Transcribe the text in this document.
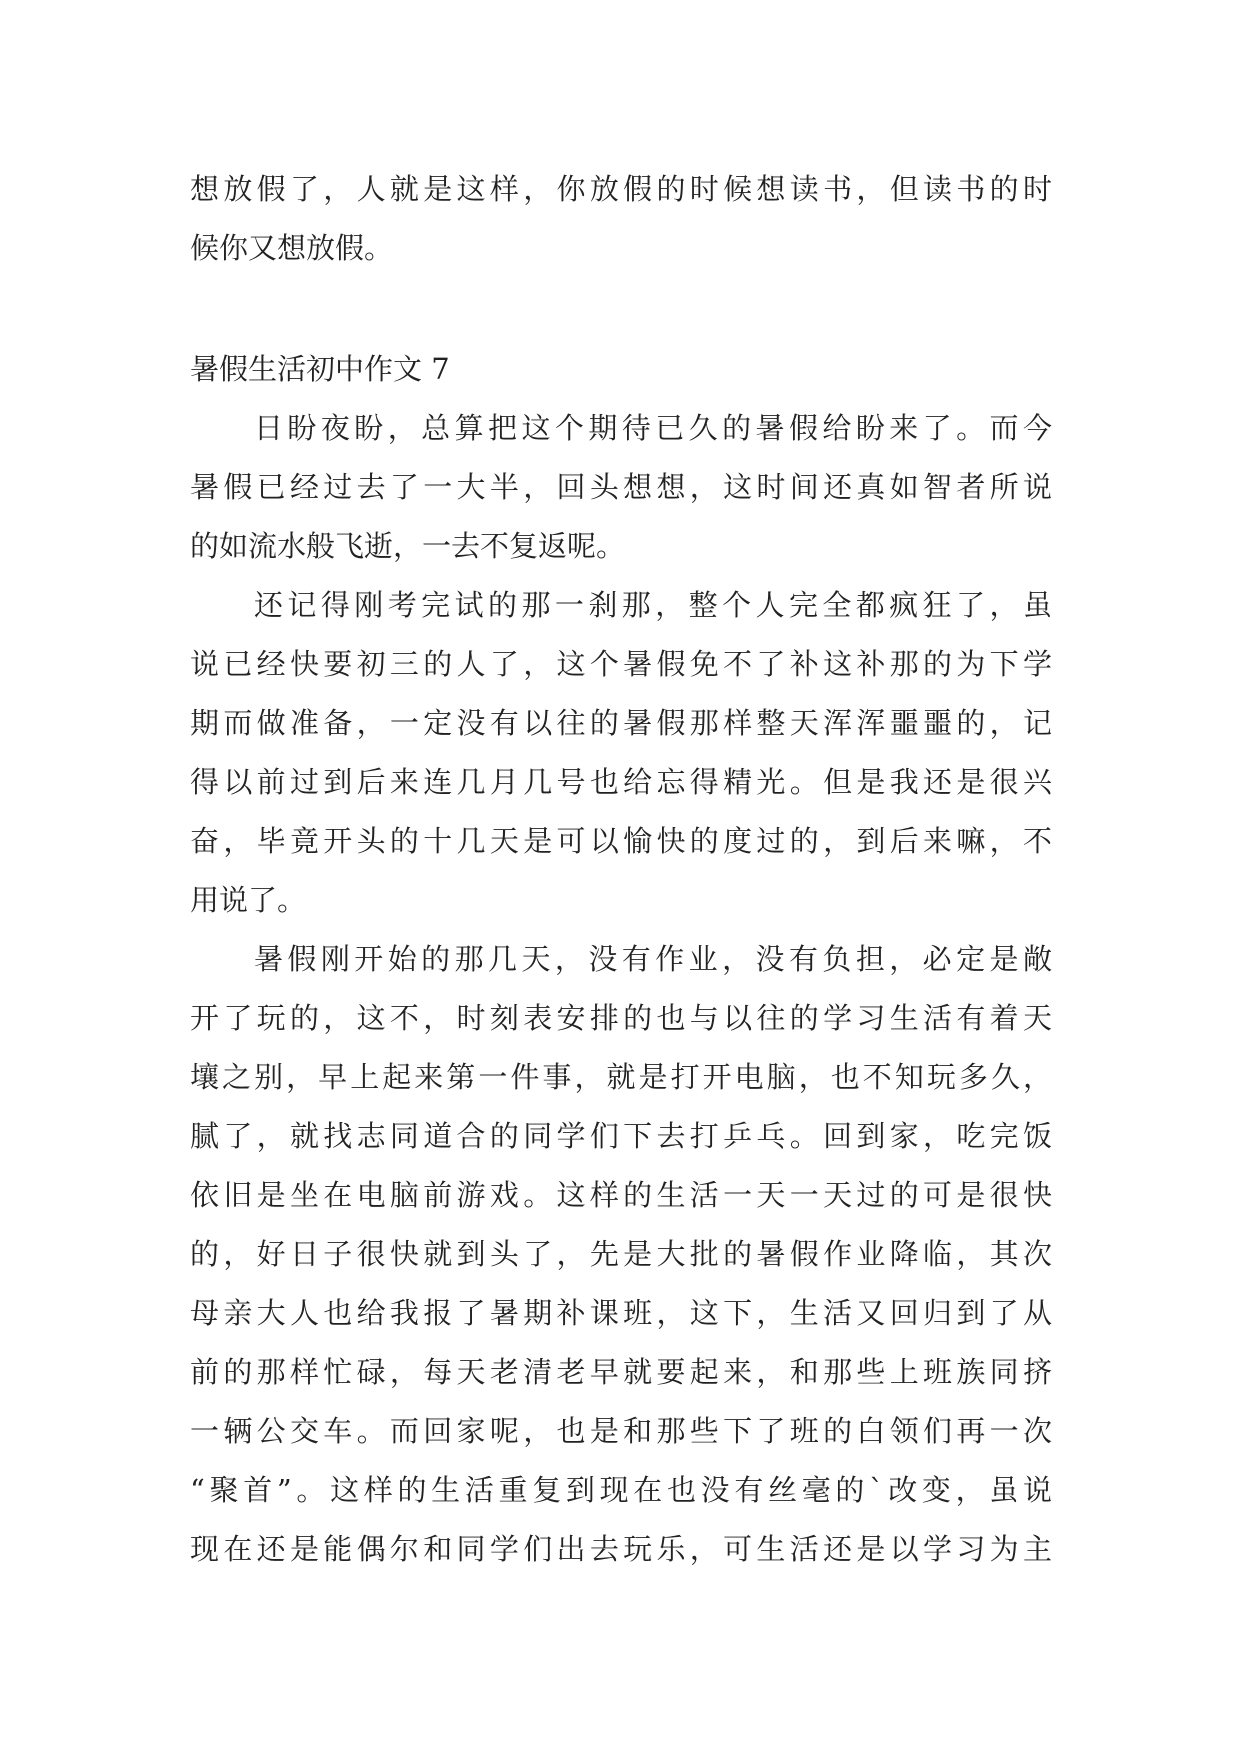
想放假了，人就是这样，你放假的时候想读书，但读书的时
候你又想放假。
暑假生活初中作文 7
日盼夜盼，总算把这个期待已久的暑假给盼来了。而今
暑假已经过去了一大半，回头想想，这时间还真如智者所说
的如流水般飞逝，一去不复返呢。
还记得刚考完试的那一刹那，整个人完全都疯狂了，虽
说已经快要初三的人了，这个暑假免不了补这补那的为下学
期而做准备，一定没有以往的暑假那样整天浑浑噩噩的，记
得以前过到后来连几月几号也给忘得精光。但是我还是很兴
奋，毕竟开头的十几天是可以愉快的度过的，到后来嘛，不
用说了。
暑假刚开始的那几天，没有作业，没有负担，必定是敞
开了玩的，这不，时刻表安排的也与以往的学习生活有着天
壤之别，早上起来第一件事，就是打开电脑，也不知玩多久，
腻了，就找志同道合的同学们下去打乒乓。回到家，吃完饭
依旧是坐在电脑前游戏。这样的生活一天一天过的可是很快
的，好日子很快就到头了，先是大批的暑假作业降临，其次
母亲大人也给我报了暑期补课班，这下，生活又回归到了从
前的那样忙碌，每天老清老早就要起来，和那些上班族同挤
一辆公交车。而回家呢，也是和那些下了班的白领们再一次
“聚首”。这样的生活重复到现在也没有丝毫的`改变，虽说
现在还是能偶尔和同学们出去玩乐，可生活还是以学习为主
